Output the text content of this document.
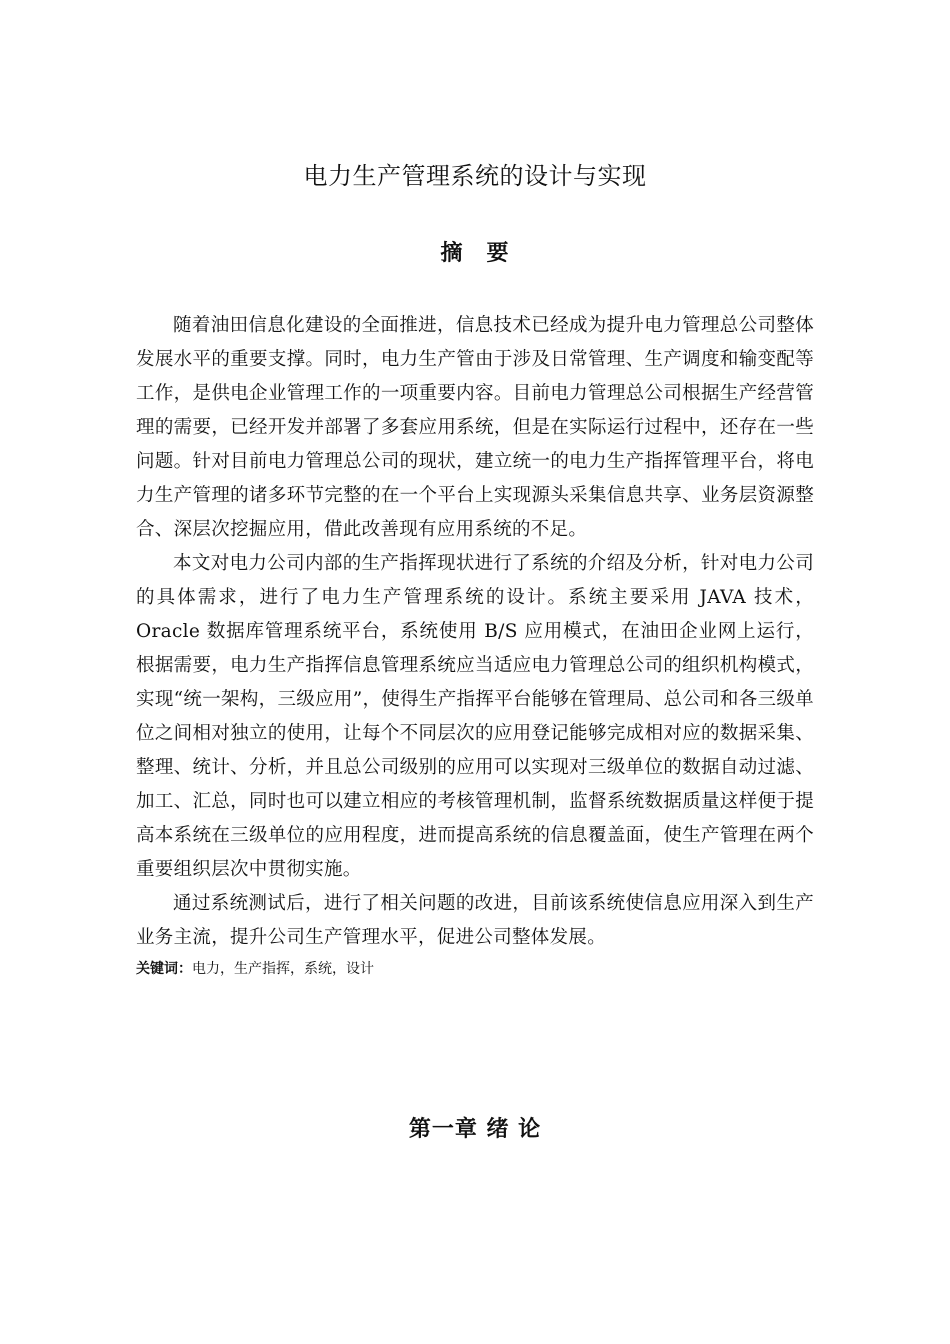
电力生产管理系统的设计与实现
摘　要

随着油田信息化建设的全面推进，信息技术已经成为提升电力管理总公司整体发展水平的重要支撑。同时，电力生产管由于涉及日常管理、生产调度和输变配等工作，是供电企业管理工作的一项重要内容。目前电力管理总公司根据生产经营管理的需要，已经开发并部署了多套应用系统，但是在实际运行过程中，还存在一些问题。针对目前电力管理总公司的现状，建立统一的电力生产指挥管理平台，将电力生产管理的诸多环节完整的在一个平台上实现源头采集信息共享、业务层资源整合、深层次挖掘应用，借此改善现有应用系统的不足。

本文对电力公司内部的生产指挥现状进行了系统的介绍及分析，针对电力公司的具体需求，进行了电力生产管理系统的设计。系统主要采用 JAVA 技术，Oracle 数据库管理系统平台，系统使用 B/S 应用模式，在油田企业网上运行，根据需要，电力生产指挥信息管理系统应当适应电力管理总公司的组织机构模式，实现“统一架构，三级应用”，使得生产指挥平台能够在管理局、总公司和各三级单位之间相对独立的使用，让每个不同层次的应用登记能够完成相对应的数据采集、整理、统计、分析，并且总公司级别的应用可以实现对三级单位的数据自动过滤、加工、汇总，同时也可以建立相应的考核管理机制，监督系统数据质量这样便于提高本系统在三级单位的应用程度，进而提高系统的信息覆盖面，使生产管理在两个重要组织层次中贯彻实施。

通过系统测试后，进行了相关问题的改进，目前该系统使信息应用深入到生产业务主流，提升公司生产管理水平，促进公司整体发展。

关键词：电力，生产指挥，系统，设计
第一章 绪 论
